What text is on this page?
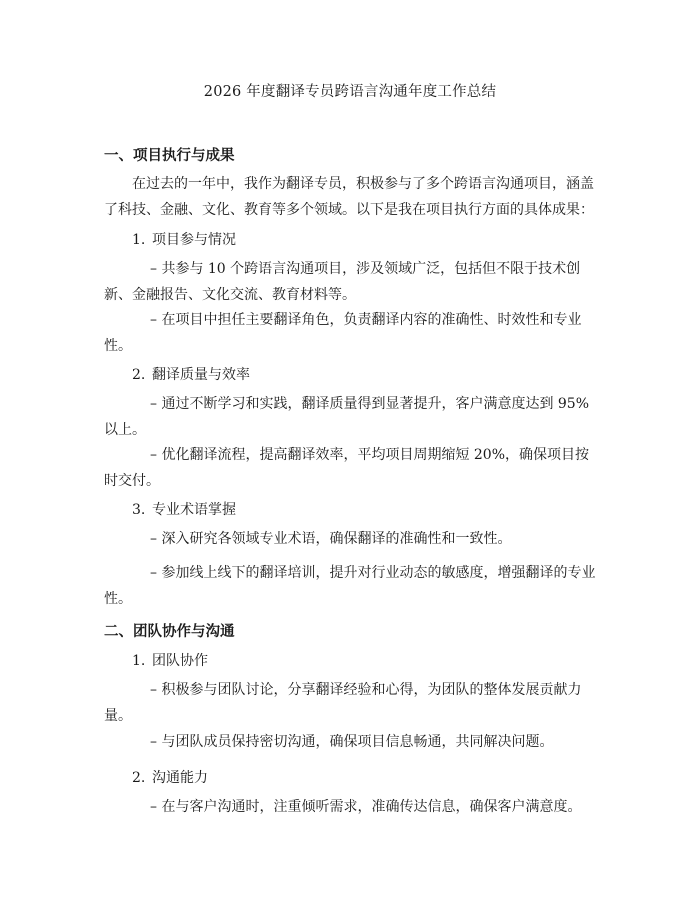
2026 年度翻译专员跨语言沟通年度工作总结
一、项目执行与成果
在过去的一年中，我作为翻译专员，积极参与了多个跨语言沟通项目，涵盖了科技、金融、文化、教育等多个领域。以下是我在项目执行方面的具体成果：
1. 项目参与情况
– 共参与 10 个跨语言沟通项目，涉及领域广泛，包括但不限于技术创新、金融报告、文化交流、教育材料等。
– 在项目中担任主要翻译角色，负责翻译内容的准确性、时效性和专业性。
2. 翻译质量与效率
– 通过不断学习和实践，翻译质量得到显著提升，客户满意度达到 95%以上。
– 优化翻译流程，提高翻译效率，平均项目周期缩短 20%，确保项目按时交付。
3. 专业术语掌握
– 深入研究各领域专业术语，确保翻译的准确性和一致性。
– 参加线上线下的翻译培训，提升对行业动态的敏感度，增强翻译的专业性。
二、团队协作与沟通
1. 团队协作
– 积极参与团队讨论，分享翻译经验和心得，为团队的整体发展贡献力量。
– 与团队成员保持密切沟通，确保项目信息畅通，共同解决问题。
2. 沟通能力
– 在与客户沟通时，注重倾听需求，准确传达信息，确保客户满意度。
